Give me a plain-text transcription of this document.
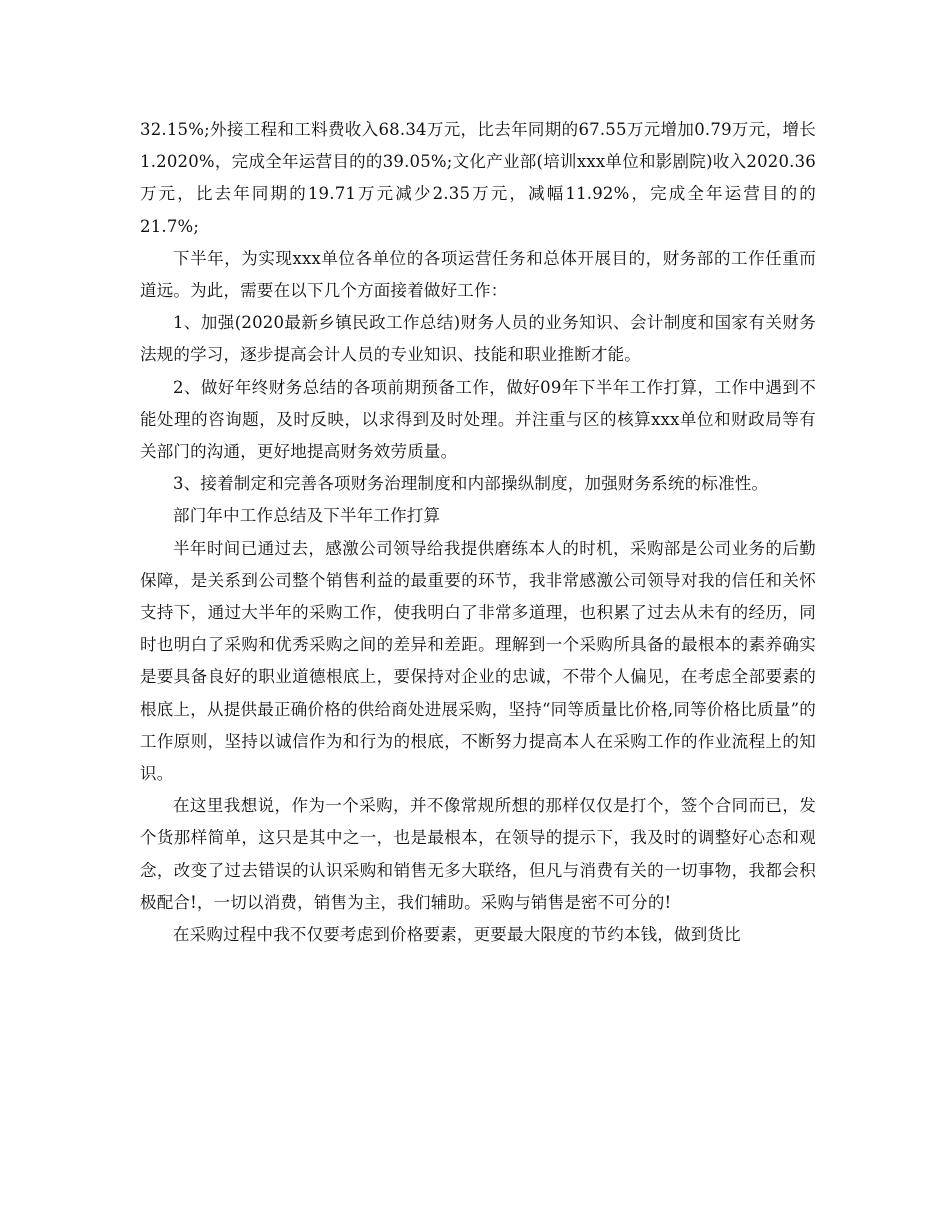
32.15%;外接工程和工料费收入68.34万元，比去年同期的67.55万元增加0.79万元，增长1.2020%，完成全年运营目的的39.05%;文化产业部(培训xxx单位和影剧院)收入2020.36万元，比去年同期的19.71万元减少2.35万元，减幅11.92%，完成全年运营目的的21.7%;

下半年，为实现xxx单位各单位的各项运营任务和总体开展目的，财务部的工作任重而道远。为此，需要在以下几个方面接着做好工作：

1、加强(2020最新乡镇民政工作总结)财务人员的业务知识、会计制度和国家有关财务法规的学习，逐步提高会计人员的专业知识、技能和职业推断才能。

2、做好年终财务总结的各项前期预备工作，做好09年下半年工作打算，工作中遇到不能处理的咨询题，及时反映，以求得到及时处理。并注重与区的核算xxx单位和财政局等有关部门的沟通，更好地提高财务效劳质量。

3、接着制定和完善各项财务治理制度和内部操纵制度，加强财务系统的标准性。

部门年中工作总结及下半年工作打算

半年时间已通过去，感激公司领导给我提供磨练本人的时机，采购部是公司业务的后勤保障，是关系到公司整个销售利益的最重要的环节，我非常感激公司领导对我的信任和关怀支持下，通过大半年的采购工作，使我明白了非常多道理，也积累了过去从未有的经历，同时也明白了采购和优秀采购之间的差异和差距。理解到一个采购所具备的最根本的素养确实是要具备良好的职业道德根底上，要保持对企业的忠诚，不带个人偏见，在考虑全部要素的根底上，从提供最正确价格的供给商处进展采购，坚持“同等质量比价格,同等价格比质量”的工作原则，坚持以诚信作为和行为的根底，不断努力提高本人在采购工作的作业流程上的知识。

在这里我想说，作为一个采购，并不像常规所想的那样仅仅是打个，签个合同而已，发个货那样简单，这只是其中之一，也是最根本，在领导的提示下，我及时的调整好心态和观念，改变了过去错误的认识采购和销售无多大联络，但凡与消费有关的一切事物，我都会积极配合!，一切以消费，销售为主，我们辅助。采购与销售是密不可分的!

在采购过程中我不仅要考虑到价格要素，更要最大限度的节约本钱，做到货比
